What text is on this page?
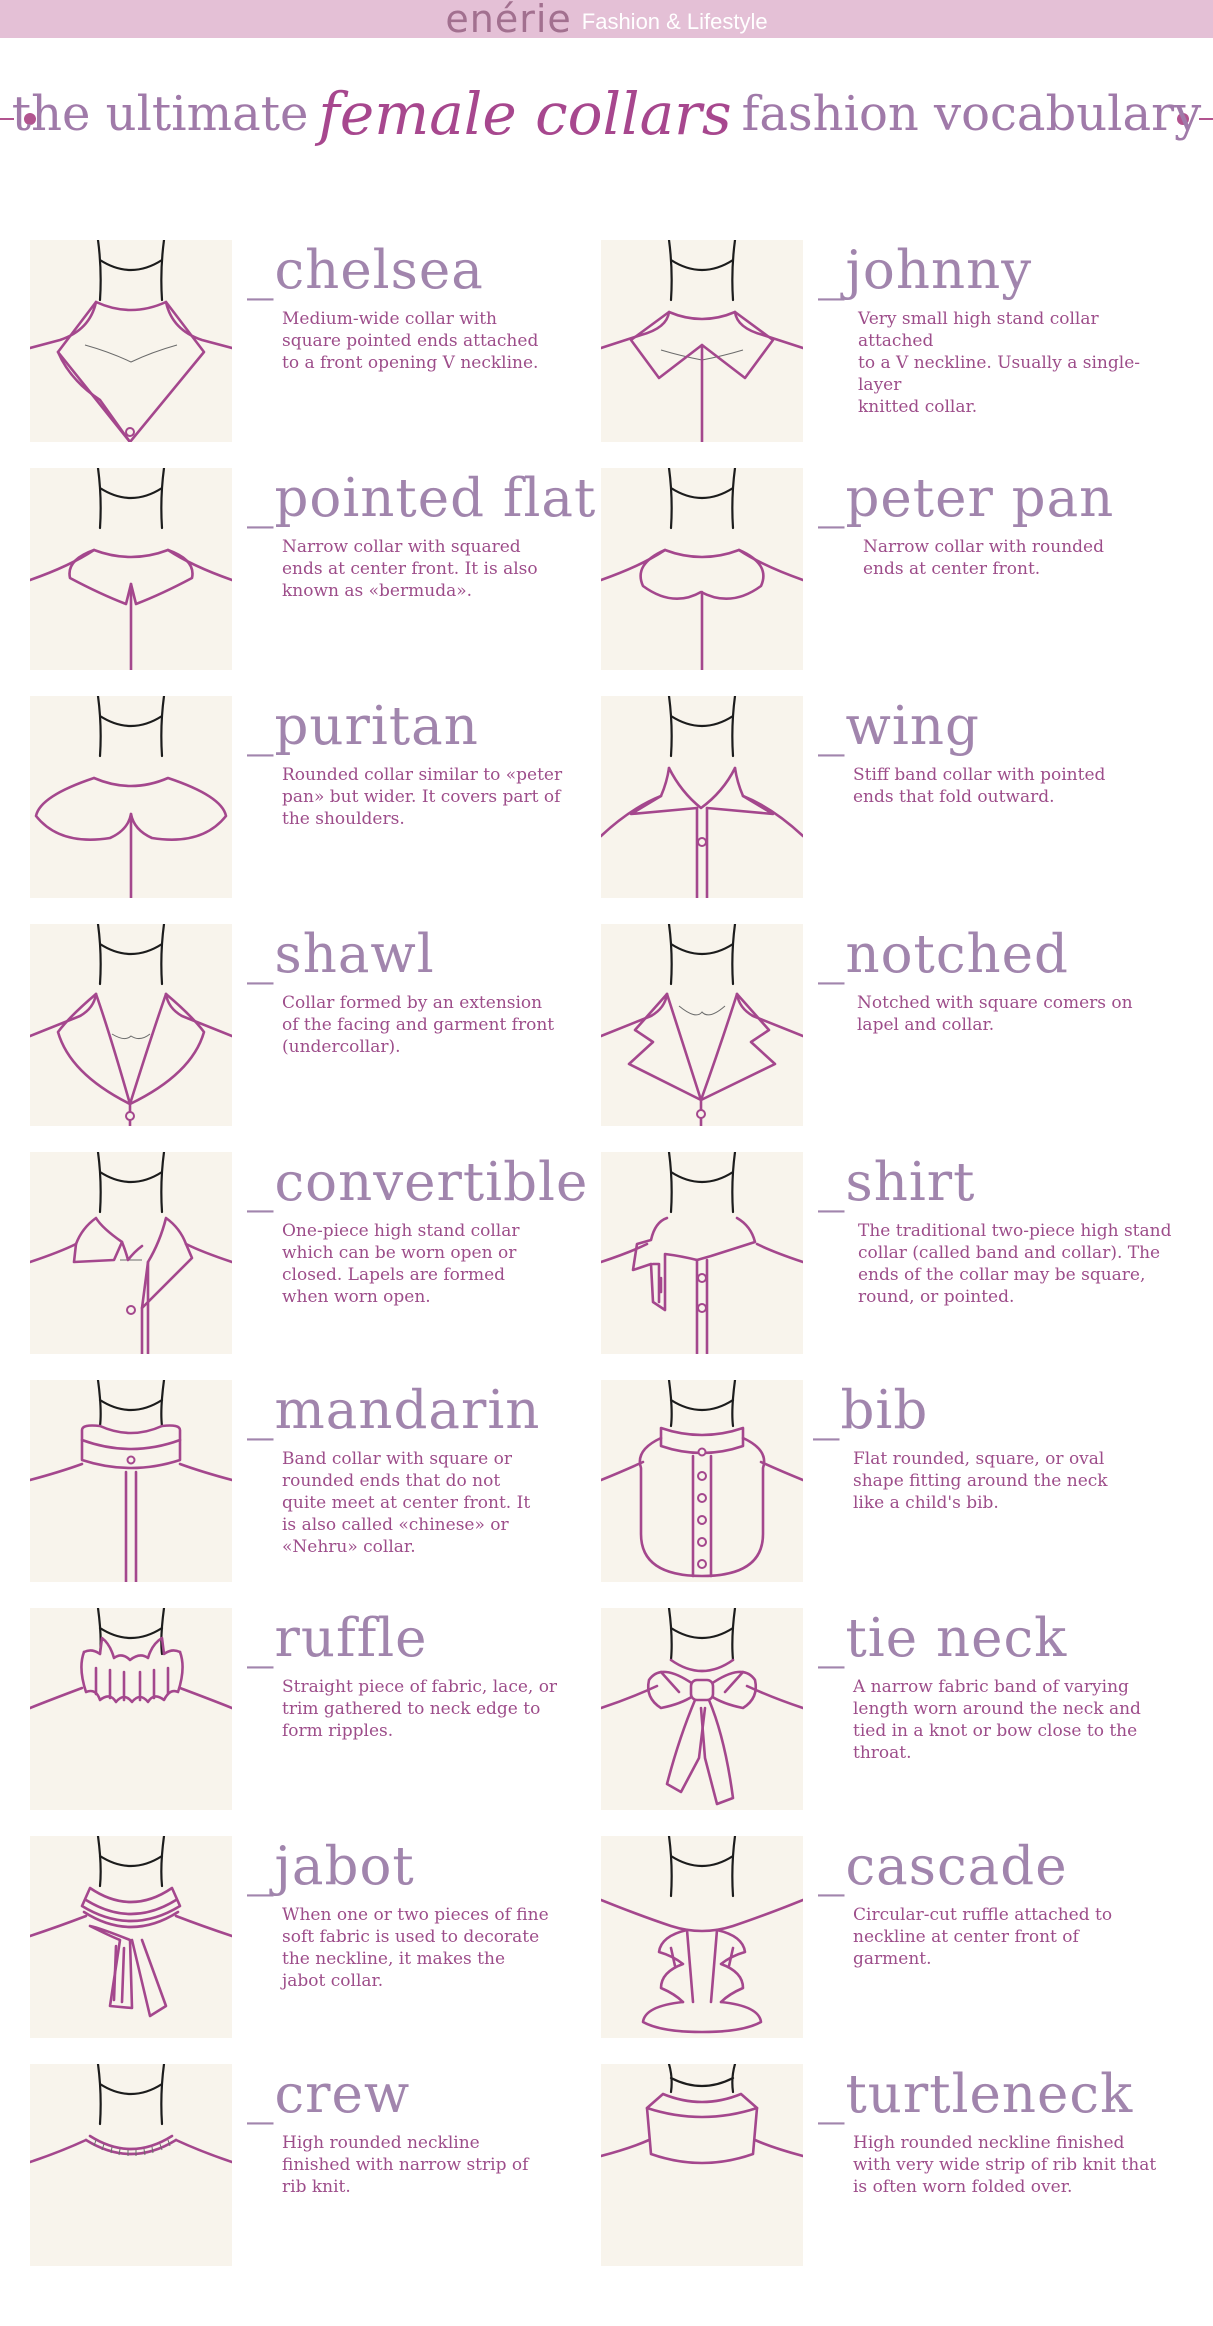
enérie Fashion & Lifestyle
the ultimate female collars fashion vocabulary
_chelsea
Medium-wide collar with
square pointed ends attached
to a front opening V neckline.
_johnny
Very small high stand collar attached
to a V neckline. Usually a single-layer
knitted collar.
_pointed flat
Narrow collar with squared
ends at center front. It is also
known as «bermuda».
_peter pan
Narrow collar with rounded
ends at center front.
_puritan
Rounded collar similar to «peter
pan» but wider. It covers part of
the shoulders.
_wing
Stiff band collar with pointed
ends that fold outward.
_shawl
Collar formed by an extension
of the facing and garment front
(undercollar).
_notched
Notched with square comers on
lapel and collar.
_convertible
One-piece high stand collar
which can be worn open or
closed. Lapels are formed
when worn open.
_shirt
The traditional two-piece high stand
collar (called band and collar). The
ends of the collar may be square,
round, or pointed.
_mandarin
Band collar with square or
rounded ends that do not
quite meet at center front. It
is also called «chinese» or
«Nehru» collar.
_bib
Flat rounded, square, or oval
shape fitting around the neck
like a child's bib.
_ruffle
Straight piece of fabric, lace, or
trim gathered to neck edge to
form ripples.
_tie neck
A narrow fabric band of varying
length worn around the neck and
tied in a knot or bow close to the
throat.
_jabot
When one or two pieces of fine
soft fabric is used to decorate
the neckline, it makes the
jabot collar.
_cascade
Circular-cut ruffle attached to
neckline at center front of
garment.
_crew
High rounded neckline
finished with narrow strip of
rib knit.
_turtleneck
High rounded neckline finished
with very wide strip of rib knit that
is often worn folded over.
